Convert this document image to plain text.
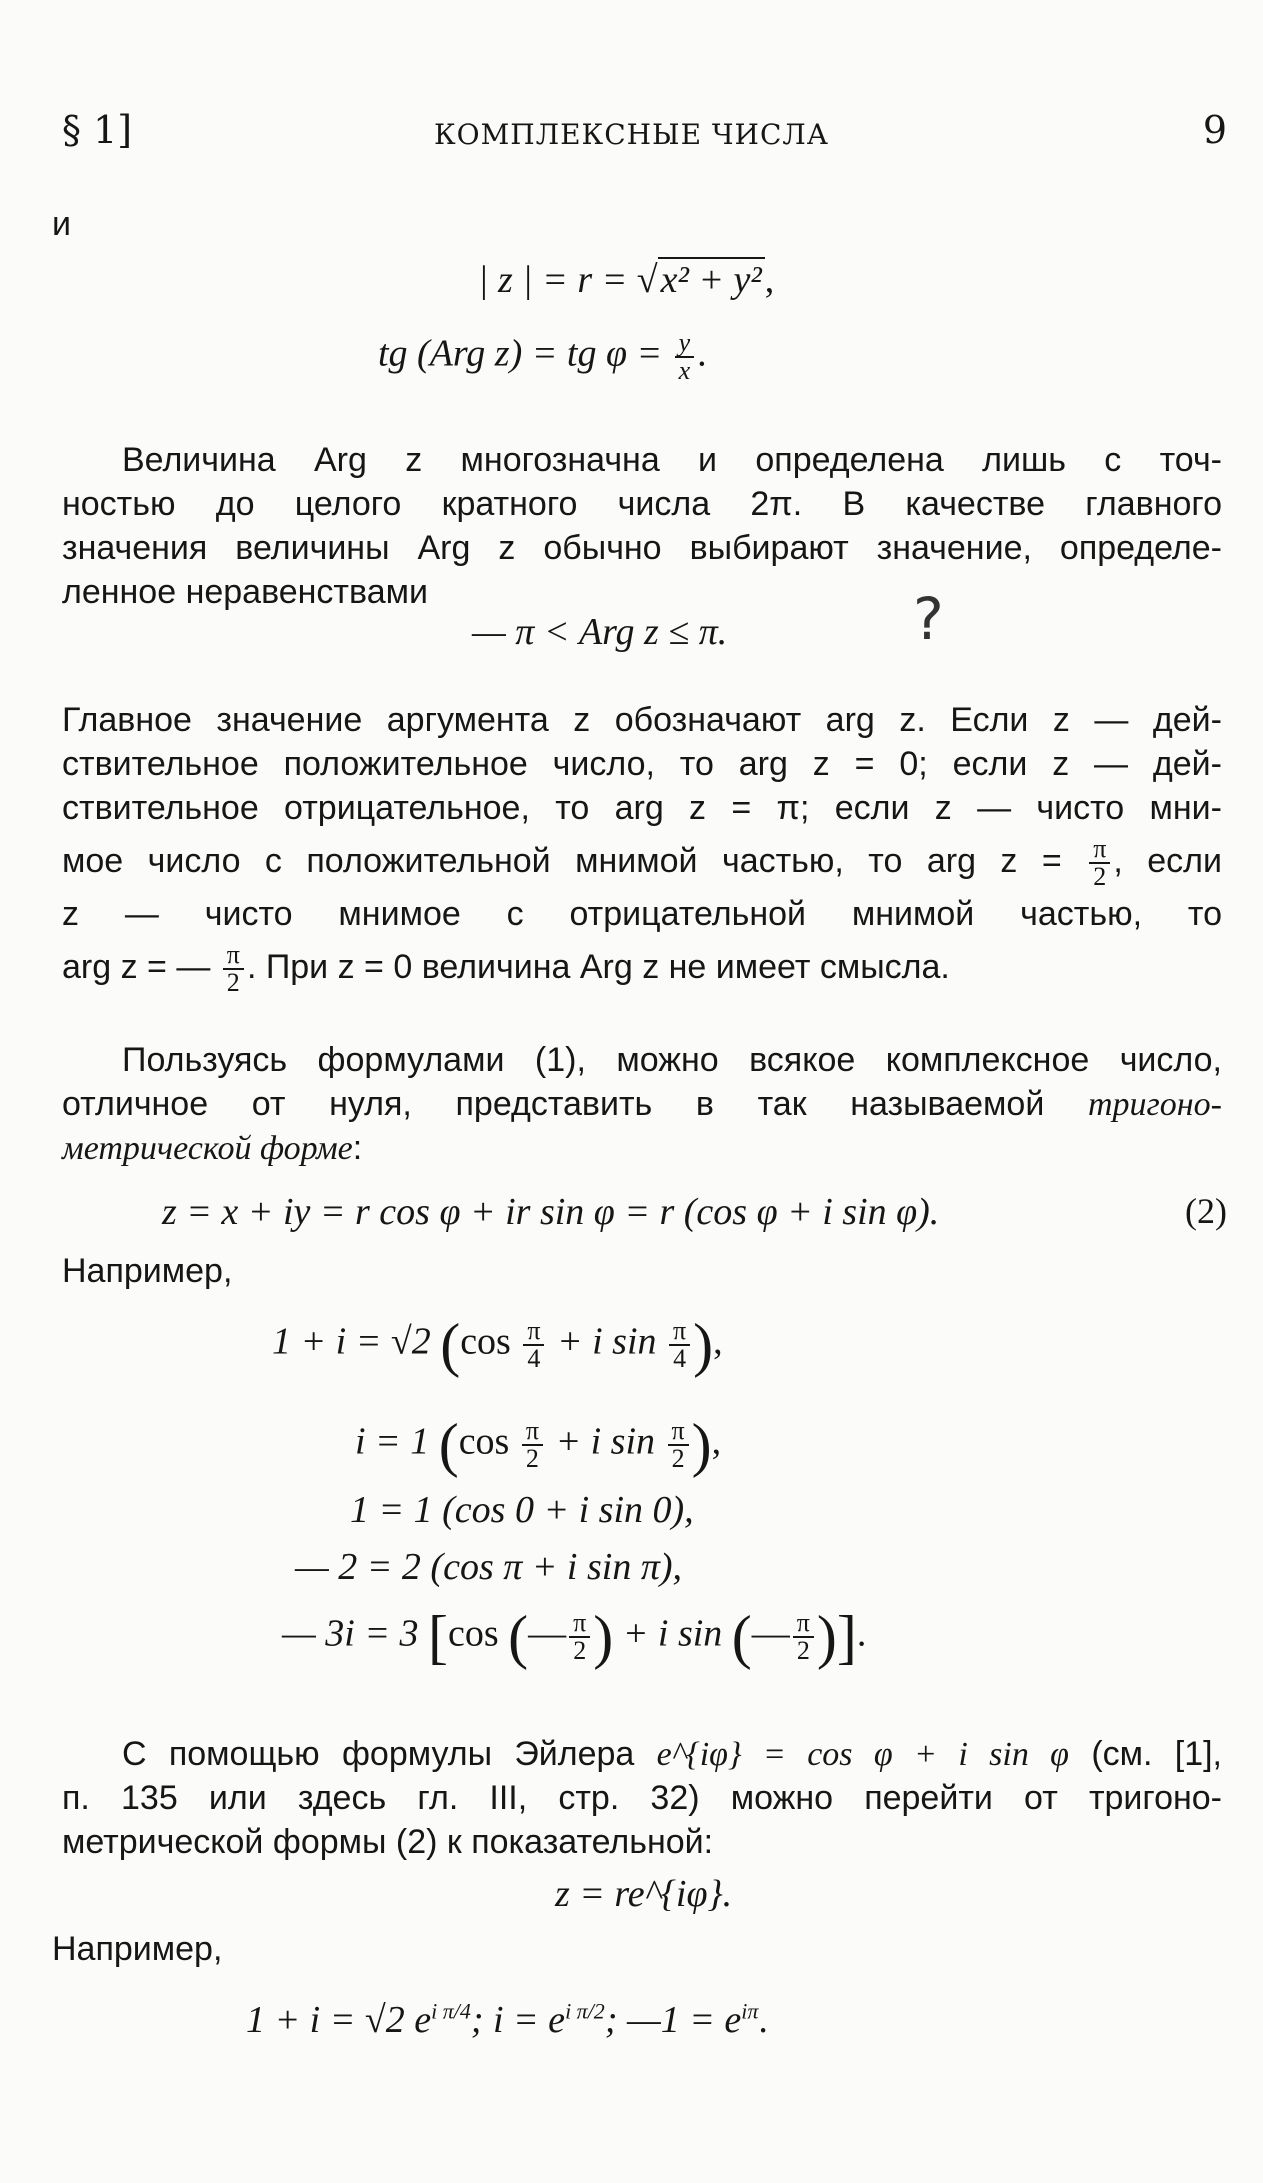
§ 1]	КОМПЛЕКСНЫЕ ЧИСЛА	9
и
| z | = r = √x² + y²,
tg (Arg z) = tg $\varphi = \frac{y}{x}$ .
Величина Arg z многозначна и определена лишь с точ-
ностью до целого кратного числа 2π. В качестве главного
значения величины Arg z обычно выбирают значение, определе-
ленное неравенствами
— π < Arg z ≤ π.	?
Главное значение аргумента z обозначают arg z. Если z — дей-
ствительное положительное число, то arg z = 0; если z — дей-
ствительное отрицательное, то arg z = π; если z — чисто мни-
мое число с положительной мнимой частью, то arg $z = \frac{\pi}{2}$ , если
z — чисто мнимое с отрицательной мнимой частью, то
arg z = — $\frac{\pi}{2}$ . При z = 0 величина Arg z не имеет смысла.
Пользуясь формулами (1), можно всякое комплексное число,
отличное от нуля, представить в так называемой тригоно-
метрической форме:
z = x + iy = r cos φ + ir sin φ = r (cos φ + i sin φ).	(2)
Например,
1 + i = √2 ($\cos \frac{\pi}{4} + i$ $\sin \frac{\pi}{4}$ ),
i = 1 ($\cos \frac{\pi}{2} + i$ $\sin \frac{\pi}{2}$ ),
1 = 1 (cos 0 + i sin 0),
— 2 = 2 (cos π + i sin π),
— 3i = 3 [cos (— $\frac{\pi}{2}$ ) + i sin (— $\frac{\pi}{2}$ )].
С помощью формулы Эйлера e^{iφ} = cos φ + i sin φ (см. [1],
п. 135 или здесь гл. III, стр. 32) можно перейти от тригоно-
метрической формы (2) к показательной:
z = re^{iφ}.
Например,
1 + i = √2 $e^{i \pi/4}$; $i = e^{i \pi/2}$; —1 = $e^{i\pi}$.
